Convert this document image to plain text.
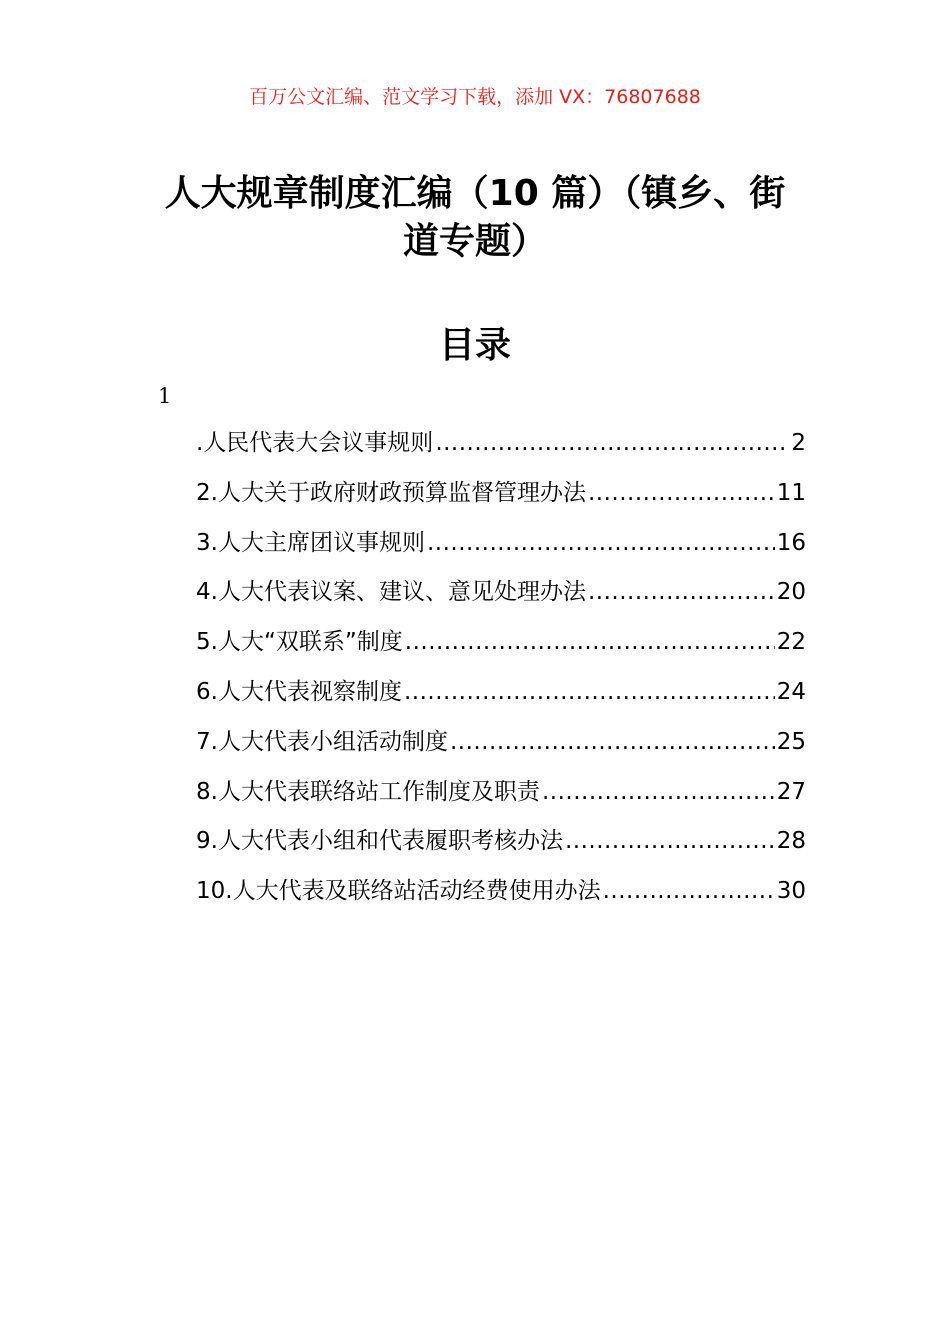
百万公文汇编、范文学习下载，添加 VX：76807688
人大规章制度汇编（10 篇）（镇乡、街道专题）
目录
1
.人民代表大会议事规则 .....	2
2.人大关于政府财政预算监督管理办法 .....	11
3.人大主席团议事规则 .....	16
4.人大代表议案、建议、意见处理办法 .....	20
5.人大“双联系”制度 .....	22
6.人大代表视察制度 .....	24
7.人大代表小组活动制度 .....	25
8.人大代表联络站工作制度及职责 .....	27
9.人大代表小组和代表履职考核办法 .....	28
10.人大代表及联络站活动经费使用办法 .....	30
